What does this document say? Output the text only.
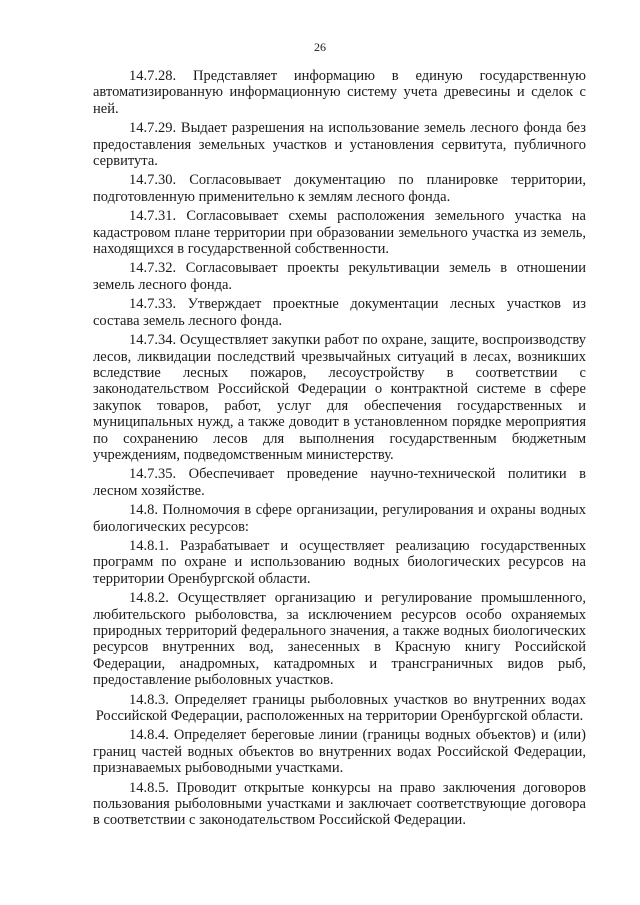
26

14.7.28. Представляет информацию в единую государственную автоматизированную информационную систему учета древесины и сделок с ней.

14.7.29. Выдает разрешения на использование земель лесного фонда без предоставления земельных участков и установления сервитута, публичного сервитута.

14.7.30. Согласовывает документацию по планировке территории, подготовленную применительно к землям лесного фонда.

14.7.31. Согласовывает схемы расположения земельного участка на кадастровом плане территории при образовании земельного участка из земель, находящихся в государственной собственности.

14.7.32. Согласовывает проекты рекультивации земель в отношении земель лесного фонда.

14.7.33. Утверждает проектные документации лесных участков из состава земель лесного фонда.

14.7.34. Осуществляет закупки работ по охране, защите, воспроизводству лесов, ликвидации последствий чрезвычайных ситуаций в лесах, возникших вследствие лесных пожаров, лесоустройству в соответствии с законодательством Российской Федерации о контрактной системе в сфере закупок товаров, работ, услуг для обеспечения государственных и муниципальных нужд, а также доводит в установленном порядке мероприятия по сохранению лесов для выполнения государственным бюджетным учреждениям, подведомственным министерству.

14.7.35. Обеспечивает проведение научно-технической политики в лесном хозяйстве.

14.8. Полномочия в сфере организации, регулирования и охраны водных биологических ресурсов:

14.8.1. Разрабатывает и осуществляет реализацию государственных программ по охране и использованию водных биологических ресурсов на территории Оренбургской области.

14.8.2. Осуществляет организацию и регулирование промышленного, любительского рыболовства, за исключением ресурсов особо охраняемых природных территорий федерального значения, а также водных биологических ресурсов внутренних вод, занесенных в Красную книгу Российской Федерации, анадромных, катадромных и трансграничных видов рыб, предоставление рыболовных участков.

14.8.3. Определяет границы рыболовных участков во внутренних водах Российской Федерации, расположенных на территории Оренбургской области.

14.8.4. Определяет береговые линии (границы водных объектов) и (или) границ частей водных объектов во внутренних водах Российской Федерации, признаваемых рыбоводными участками.

14.8.5. Проводит открытые конкурсы на право заключения договоров пользования рыболовными участками и заключает соответствующие договора в соответствии с законодательством Российской Федерации.
